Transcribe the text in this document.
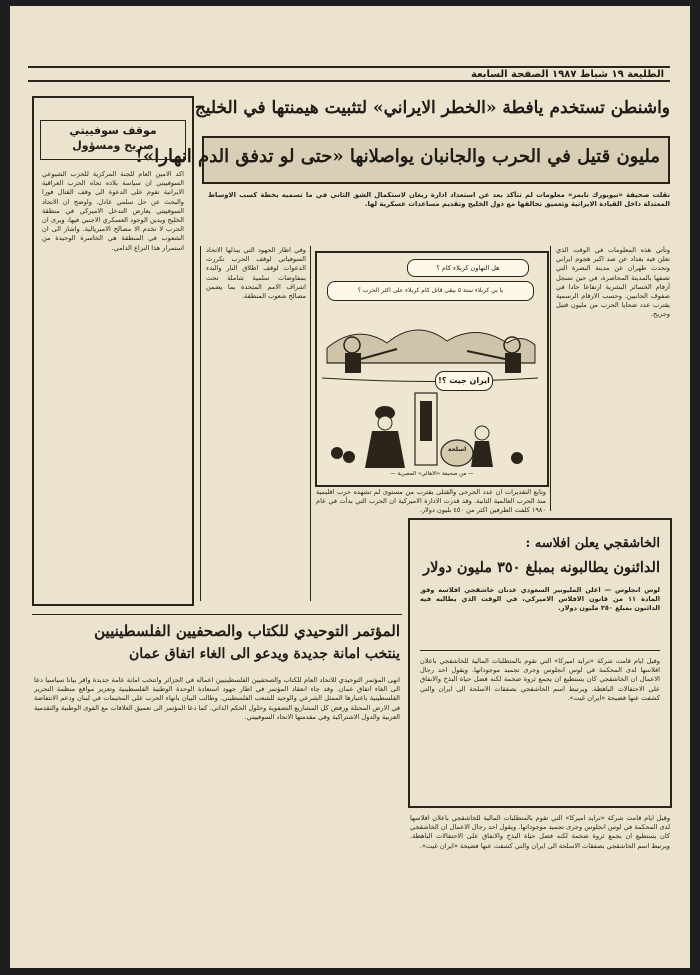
الطليعة ١٩ شباط ١٩٨٧ الصفحة السابعة
واشنطن تستخدم يافطة «الخطر الايراني» لتثبيت هيمنتها في الخليج
مليون قتيل في الحرب والجانبان يواصلانها «حتى لو تدفق الدم انهارا»!
نقلت صحيفة «نيويورك تايمز» معلومات لم تتأكد بعد عن استعداد ادارة ريغان لاستكمال الشق الثاني في ما تسميه بخطة كسب الاوساط المعتدلة داخل القيادة الايرانية وتعميق تحالفها مع دول الخليج وتقديم مساعدات عسكرية لها.
موقف سوفييتي
صريح ومسؤول
اكد الامين العام للجنة المركزية للحزب الشيوعي السوفييتي ان سياسة بلاده تجاه الحرب العراقية الايرانية تقوم على الدعوة الى وقف القتال فورا والبحث عن حل سلمي عادل. واوضح ان الاتحاد السوفييتي يعارض التدخل الاميركي في منطقة الخليج ويدين الوجود العسكري الاجنبي فيها، ويرى ان الحرب لا تخدم الا مصالح الامبريالية. واشار الى ان الشعوب في المنطقة هي الخاسرة الوحيدة من استمرار هذا النزاع الدامي.	وفي اطار الجهود التي يبذلها الاتحاد السوفياتي لوقف الحرب تكررت الدعوات لوقف اطلاق النار والبدء بمفاوضات سلمية شاملة تحت اشراف الامم المتحدة بما يضمن مصالح شعوب المنطقة.
هل التهاون كربلاء كام ؟
يا بي كربلاء ستة ٥ بيقى قاتل كام كربلاء على اكثر الحرب ؟
ايران جيت ؟!
اسلحة
— من صحيفة «الاهالي» المصرية —
وتأتي هذه المعلومات في الوقت الذي تعلن فيه بغداد عن صد اكبر هجوم ايراني وتحدث طهران عن مدينة البصرة التي تصفها بالمدينة المحاصرة، في حين تسجل أرقام الخسائر البشرية ارتفاعا حادا في صفوف الجانبين. وحسب الارقام الرسمية يقترب عدد ضحايا الحرب من مليون قتيل وجريح.
وتابع التقديرات ان عدد الجرحى والقتلى يقترب من مستوى لم تشهده حرب اقليمية منذ الحرب العالمية الثانية. وقد قدرت الادارة الاميركية ان الحرب التي بدأت في عام ١٩٨٠ كلفت الطرفين اكثر من ٤٥٠ بليون دولار.
الخاشقجي يعلن افلاسه :
الدائنون يطالبونه بمبلغ ٣٥٠ مليون دولار
لوس انجلوس — اعلن المليونير السعودي عدنان خاشقجي افلاسه وفق المادة ١١ من قانون الافلاس الاميركي، في الوقت الذي يطالبه فيه الدائنون بمبلغ ٣٥٠ مليون دولار.
وقيل ايام قامت شركة «ترايد اميركا» التي تقوم بالمتطلبات المالية للخاشقجي باعلان افلاسها لدى المحكمة في لوس انجلوس وجرى تجميد موجوداتها. ويقول احد رجال الاعمال ان الخاشقجي كان يستطيع ان يجمع ثروة ضخمة لكنه فضل حياة البذخ والانفاق على الاحتفالات الباهظة. ويرتبط اسم الخاشقجي بصفقات الاسلحة الى ايران والتي كشفت عنها فضيحة «ايران غيت».
المؤتمر التوحيدي للكتاب والصحفيين الفلسطينيين
ينتخب امانة جديدة ويدعو الى الغاء اتفاق عمان
انهى المؤتمر التوحيدي للاتحاد العام للكتاب والصحفيين الفلسطينيين اعماله في الجزائر وانتخب امانة عامة جديدة واقر بيانا سياسيا دعا الى الغاء اتفاق عمان. وقد جاء انعقاد المؤتمر في اطار جهود استعادة الوحدة الوطنية الفلسطينية وتعزيز مواقع منظمة التحرير الفلسطينية باعتبارها الممثل الشرعي والوحيد للشعب الفلسطيني. وطالب البيان بانهاء الحرب على المخيمات في لبنان ودعم الانتفاضة في الارض المحتلة ورفض كل المشاريع التصفوية وحلول الحكم الذاتي. كما دعا المؤتمر الى تعميق العلاقات مع القوى الوطنية والتقدمية العربية والدول الاشتراكية وفي مقدمتها الاتحاد السوفييتي.
وقيل ايام قامت شركة «ترايد اميركا» التي تقوم بالمتطلبات المالية للخاشقجي باعلان افلاسها لدى المحكمة في لوس انجلوس وجرى تجميد موجوداتها. ويقول احد رجال الاعمال ان الخاشقجي كان يستطيع ان يجمع ثروة ضخمة لكنه فضل حياة البذخ والانفاق على الاحتفالات الباهظة. ويرتبط اسم الخاشقجي بصفقات الاسلحة الى ايران والتي كشفت عنها فضيحة «ايران غيت».
